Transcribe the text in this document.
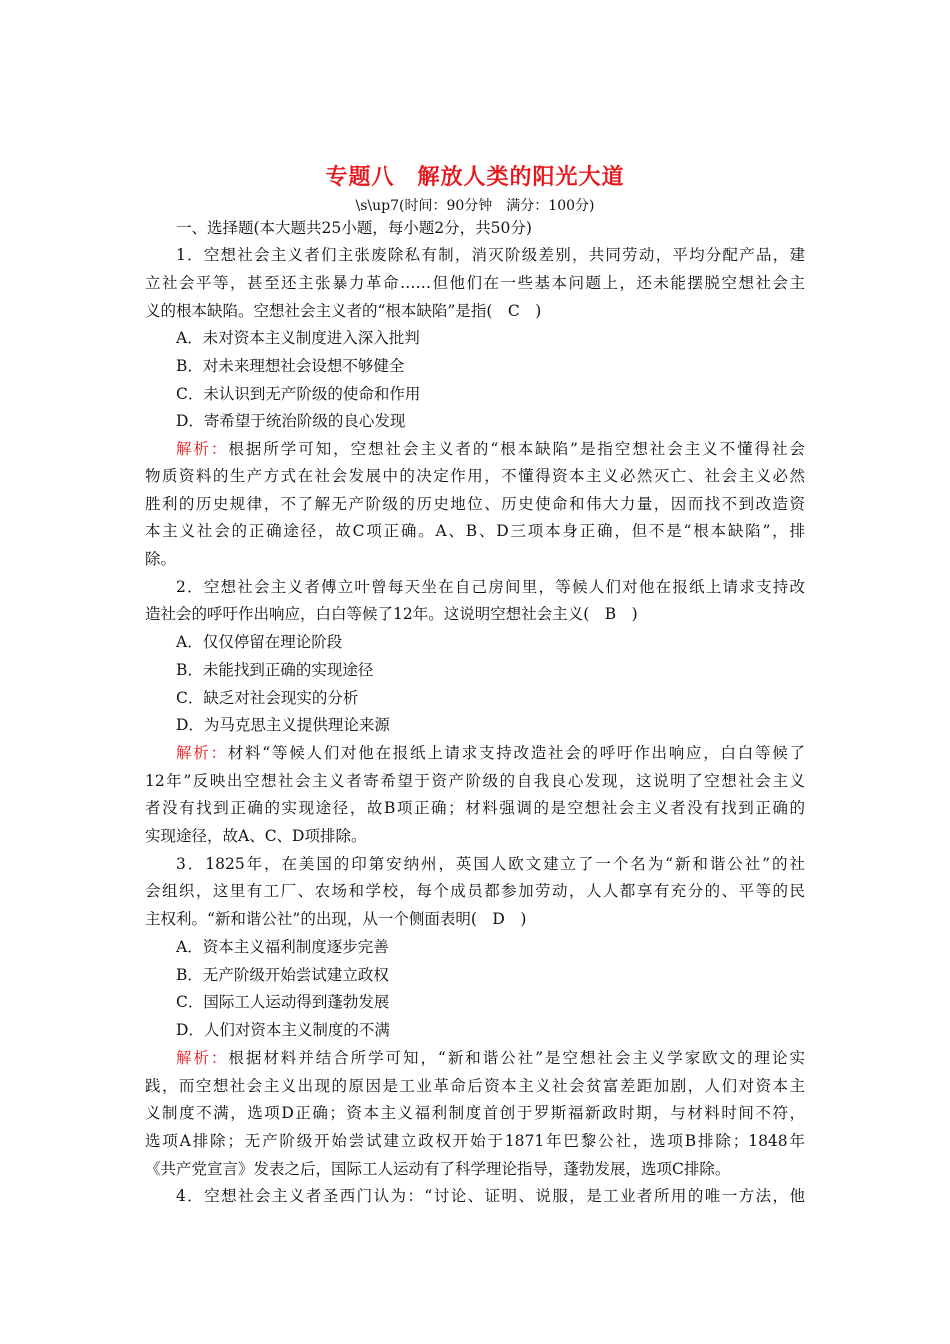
专题八　解放人类的阳光大道
\s\up7(时间：90分钟　满分：100分)
一、选择题(本大题共25小题，每小题2分，共50分)
1．空想社会主义者们主张废除私有制，消灭阶级差别，共同劳动，平均分配产品，建
立社会平等，甚至还主张暴力革命……但他们在一些基本问题上，还未能摆脱空想社会主
义的根本缺陷。空想社会主义者的“根本缺陷”是指(　C　)
A．未对资本主义制度进入深入批判
B．对未来理想社会设想不够健全
C．未认识到无产阶级的使命和作用
D．寄希望于统治阶级的良心发现
解析：根据所学可知，空想社会主义者的“根本缺陷”是指空想社会主义不懂得社会
物质资料的生产方式在社会发展中的决定作用，不懂得资本主义必然灭亡、社会主义必然
胜利的历史规律，不了解无产阶级的历史地位、历史使命和伟大力量，因而找不到改造资
本主义社会的正确途径，故C项正确。A、B、D三项本身正确，但不是“根本缺陷”，排
除。
2．空想社会主义者傅立叶曾每天坐在自己房间里，等候人们对他在报纸上请求支持改
造社会的呼吁作出响应，白白等候了12年。这说明空想社会主义(　B　)
A．仅仅停留在理论阶段
B．未能找到正确的实现途径
C．缺乏对社会现实的分析
D．为马克思主义提供理论来源
解析：材料“等候人们对他在报纸上请求支持改造社会的呼吁作出响应，白白等候了
12年”反映出空想社会主义者寄希望于资产阶级的自我良心发现，这说明了空想社会主义
者没有找到正确的实现途径，故B项正确；材料强调的是空想社会主义者没有找到正确的
实现途径，故A、C、D项排除。
3．1825年，在美国的印第安纳州，英国人欧文建立了一个名为“新和谐公社”的社
会组织，这里有工厂、农场和学校，每个成员都参加劳动，人人都享有充分的、平等的民
主权利。“新和谐公社”的出现，从一个侧面表明(　D　)
A．资本主义福利制度逐步完善
B．无产阶级开始尝试建立政权
C．国际工人运动得到蓬勃发展
D．人们对资本主义制度的不满
解析：根据材料并结合所学可知，“新和谐公社”是空想社会主义学家欧文的理论实
践，而空想社会主义出现的原因是工业革命后资本主义社会贫富差距加剧，人们对资本主
义制度不满，选项D正确；资本主义福利制度首创于罗斯福新政时期，与材料时间不符，
选项A排除；无产阶级开始尝试建立政权开始于1871年巴黎公社，选项B排除；1848年
《共产党宣言》发表之后，国际工人运动有了科学理论指导，蓬勃发展，选项C排除。
4．空想社会主义者圣西门认为：“讨论、证明、说服，是工业者所用的唯一方法，他
